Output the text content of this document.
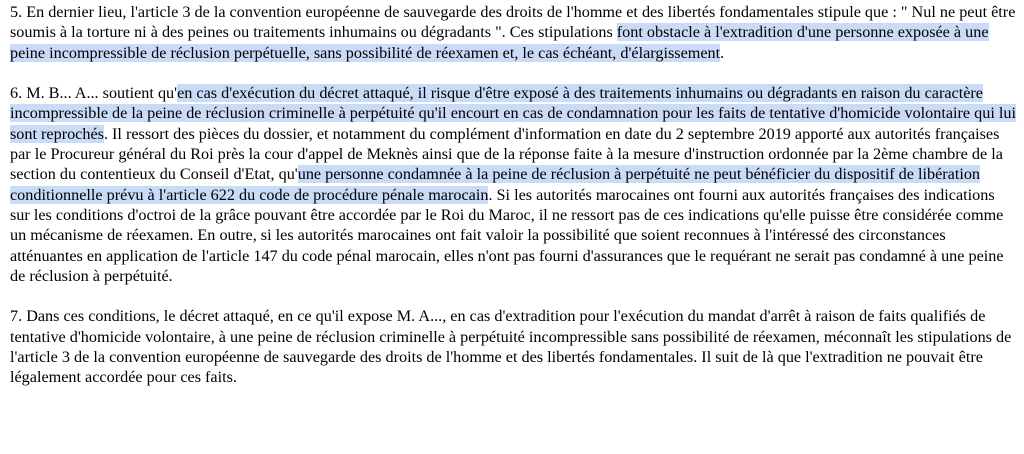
5. En dernier lieu, l'article 3 de la convention européenne de sauvegarde des droits de l'homme et des libertés fondamentales stipule que : " Nul ne peut être soumis à la torture ni à des peines ou traitements inhumains ou dégradants ". Ces stipulations font obstacle à l'extradition d'une personne exposée à une peine incompressible de réclusion perpétuelle, sans possibilité de réexamen et, le cas échéant, d'élargissement.

6. M. B... A... soutient qu'en cas d'exécution du décret attaqué, il risque d'être exposé à des traitements inhumains ou dégradants en raison du caractère incompressible de la peine de réclusion criminelle à perpétuité qu'il encourt en cas de condamnation pour les faits de tentative d'homicide volontaire qui lui sont reprochés. Il ressort des pièces du dossier, et notamment du complément d'information en date du 2 septembre 2019 apporté aux autorités françaises par le Procureur général du Roi près la cour d'appel de Meknès ainsi que de la réponse faite à la mesure d'instruction ordonnée par la 2ème chambre de la section du contentieux du Conseil d'Etat, qu'une personne condamnée à la peine de réclusion à perpétuité ne peut bénéficier du dispositif de libération conditionnelle prévu à l'article 622 du code de procédure pénale marocain. Si les autorités marocaines ont fourni aux autorités françaises des indications sur les conditions d'octroi de la grâce pouvant être accordée par le Roi du Maroc, il ne ressort pas de ces indications qu'elle puisse être considérée comme un mécanisme de réexamen. En outre, si les autorités marocaines ont fait valoir la possibilité que soient reconnues à l'intéressé des circonstances atténuantes en application de l'article 147 du code pénal marocain, elles n'ont pas fourni d'assurances que le requérant ne serait pas condamné à une peine de réclusion à perpétuité.

7. Dans ces conditions, le décret attaqué, en ce qu'il expose M. A..., en cas d'extradition pour l'exécution du mandat d'arrêt à raison de faits qualifiés de tentative d'homicide volontaire, à une peine de réclusion criminelle à perpétuité incompressible sans possibilité de réexamen, méconnaît les stipulations de l'article 3 de la convention européenne de sauvegarde des droits de l'homme et des libertés fondamentales. Il suit de là que l'extradition ne pouvait être légalement accordée pour ces faits.
